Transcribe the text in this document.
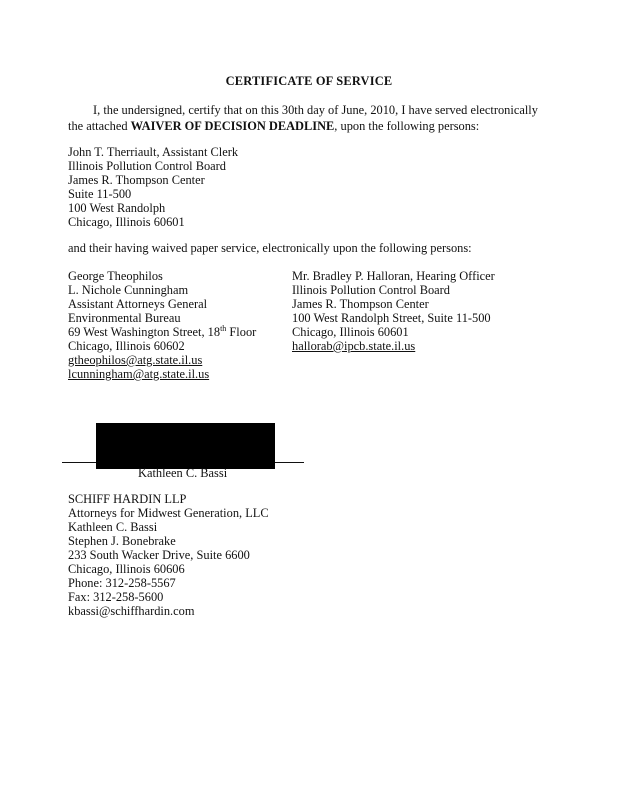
CERTIFICATE OF SERVICE
I, the undersigned, certify that on this 30th day of June, 2010, I have served electronically
the attached WAIVER OF DECISION DEADLINE, upon the following persons:
John T. Therriault, Assistant Clerk
Illinois Pollution Control Board
James R. Thompson Center
Suite 11-500
100 West Randolph
Chicago, Illinois 60601
and their having waived paper service, electronically upon the following persons:
George Theophilos
L. Nichole Cunningham
Assistant Attorneys General
Environmental Bureau
69 West Washington Street, 18th Floor
Chicago, Illinois 60602
gtheophilos@atg.state.il.us
lcunningham@atg.state.il.us
Mr. Bradley P. Halloran, Hearing Officer
Illinois Pollution Control Board
James R. Thompson Center
100 West Randolph Street, Suite 11-500
Chicago, Illinois 60601
hallorab@ipcb.state.il.us
Kathleen C. Bassi
SCHIFF HARDIN LLP
Attorneys for Midwest Generation, LLC
Kathleen C. Bassi
Stephen J. Bonebrake
233 South Wacker Drive, Suite 6600
Chicago, Illinois 60606
Phone: 312-258-5567
Fax: 312-258-5600
kbassi@schiffhardin.com
